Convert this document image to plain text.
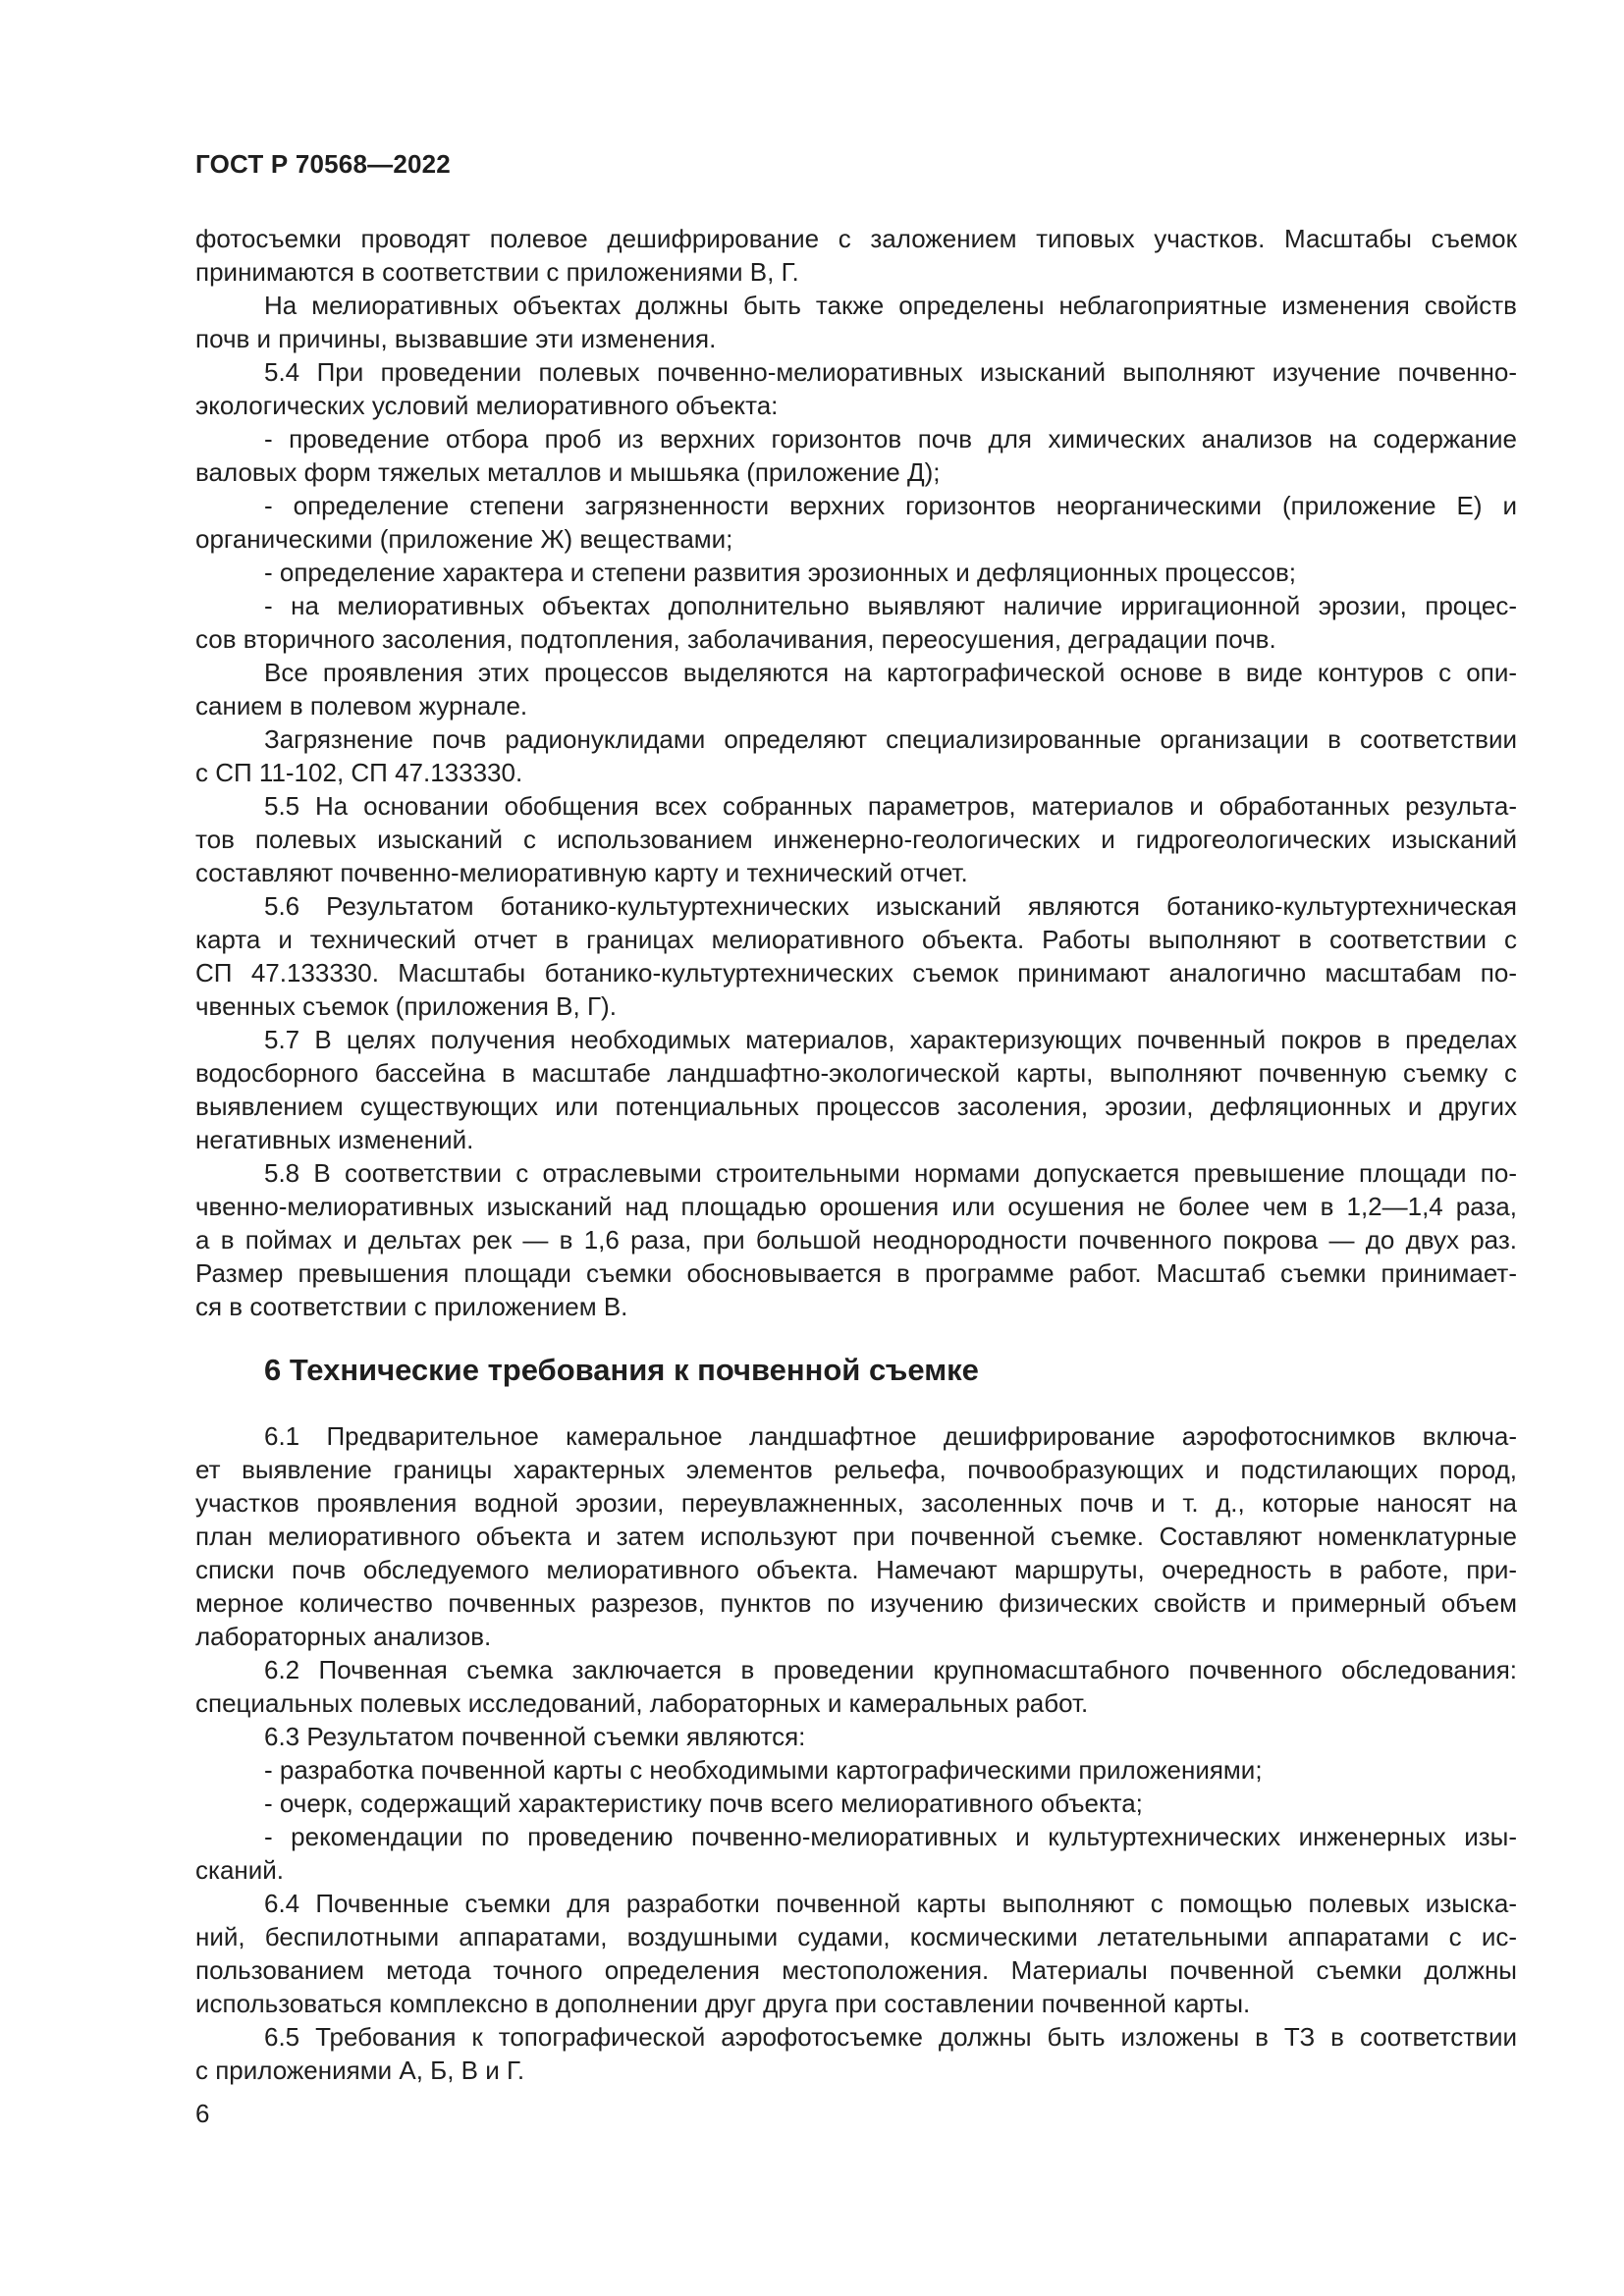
ГОСТ Р 70568—2022
фотосъемки проводят полевое дешифрирование с заложением типовых участков. Масштабы съемок
принимаются в соответствии с приложениями В, Г.
На мелиоративных объектах должны быть также определены неблагоприятные изменения свойств
почв и причины, вызвавшие эти изменения.
5.4 При проведении полевых почвенно-мелиоративных изысканий выполняют изучение почвенно-
экологических условий мелиоративного объекта:
- проведение отбора проб из верхних горизонтов почв для химических анализов на содержание
валовых форм тяжелых металлов и мышьяка (приложение Д);
- определение степени загрязненности верхних горизонтов неорганическими (приложение Е) и
органическими (приложение Ж) веществами;
- определение характера и степени развития эрозионных и дефляционных процессов;
- на мелиоративных объектах дополнительно выявляют наличие ирригационной эрозии, процес-
сов вторичного засоления, подтопления, заболачивания, переосушения, деградации почв.
Все проявления этих процессов выделяются на картографической основе в виде контуров с опи-
санием в полевом журнале.
Загрязнение почв радионуклидами определяют специализированные организации в соответствии
с СП 11-102, СП 47.133330.
5.5 На основании обобщения всех собранных параметров, материалов и обработанных результа-
тов полевых изысканий с использованием инженерно-геологических и гидрогеологических изысканий
составляют почвенно-мелиоративную карту и технический отчет.
5.6 Результатом ботанико-культуртехнических изысканий являются ботанико-культуртехническая
карта и технический отчет в границах мелиоративного объекта. Работы выполняют в соответствии с
СП 47.133330. Масштабы ботанико-культуртехнических съемок принимают аналогично масштабам по-
чвенных съемок (приложения В, Г).
5.7 В целях получения необходимых материалов, характеризующих почвенный покров в пределах
водосборного бассейна в масштабе ландшафтно-экологической карты, выполняют почвенную съемку с
выявлением существующих или потенциальных процессов засоления, эрозии, дефляционных и других
негативных изменений.
5.8 В соответствии с отраслевыми строительными нормами допускается превышение площади по-
чвенно-мелиоративных изысканий над площадью орошения или осушения не более чем в 1,2—1,4 раза,
а в поймах и дельтах рек — в 1,6 раза, при большой неоднородности почвенного покрова — до двух раз.
Размер превышения площади съемки обосновывается в программе работ. Масштаб съемки принимает-
ся в соответствии с приложением В.
6 Технические требования к почвенной съемке
6.1 Предварительное камеральное ландшафтное дешифрирование аэрофотоснимков включа-
ет выявление границы характерных элементов рельефа, почвообразующих и подстилающих пород,
участков проявления водной эрозии, переувлажненных, засоленных почв и т. д., которые наносят на
план мелиоративного объекта и затем используют при почвенной съемке. Составляют номенклатурные
списки почв обследуемого мелиоративного объекта. Намечают маршруты, очередность в работе, при-
мерное количество почвенных разрезов, пунктов по изучению физических свойств и примерный объем
лабораторных анализов.
6.2 Почвенная съемка заключается в проведении крупномасштабного почвенного обследования:
специальных полевых исследований, лабораторных и камеральных работ.
6.3 Результатом почвенной съемки являются:
- разработка почвенной карты с необходимыми картографическими приложениями;
- очерк, содержащий характеристику почв всего мелиоративного объекта;
- рекомендации по проведению почвенно-мелиоративных и культуртехнических инженерных изы-
сканий.
6.4 Почвенные съемки для разработки почвенной карты выполняют с помощью полевых изыска-
ний, беспилотными аппаратами, воздушными судами, космическими летательными аппаратами с ис-
пользованием метода точного определения местоположения. Материалы почвенной съемки должны
использоваться комплексно в дополнении друг друга при составлении почвенной карты.
6.5 Требования к топографической аэрофотосъемке должны быть изложены в ТЗ в соответствии
с приложениями А, Б, В и Г.
6
